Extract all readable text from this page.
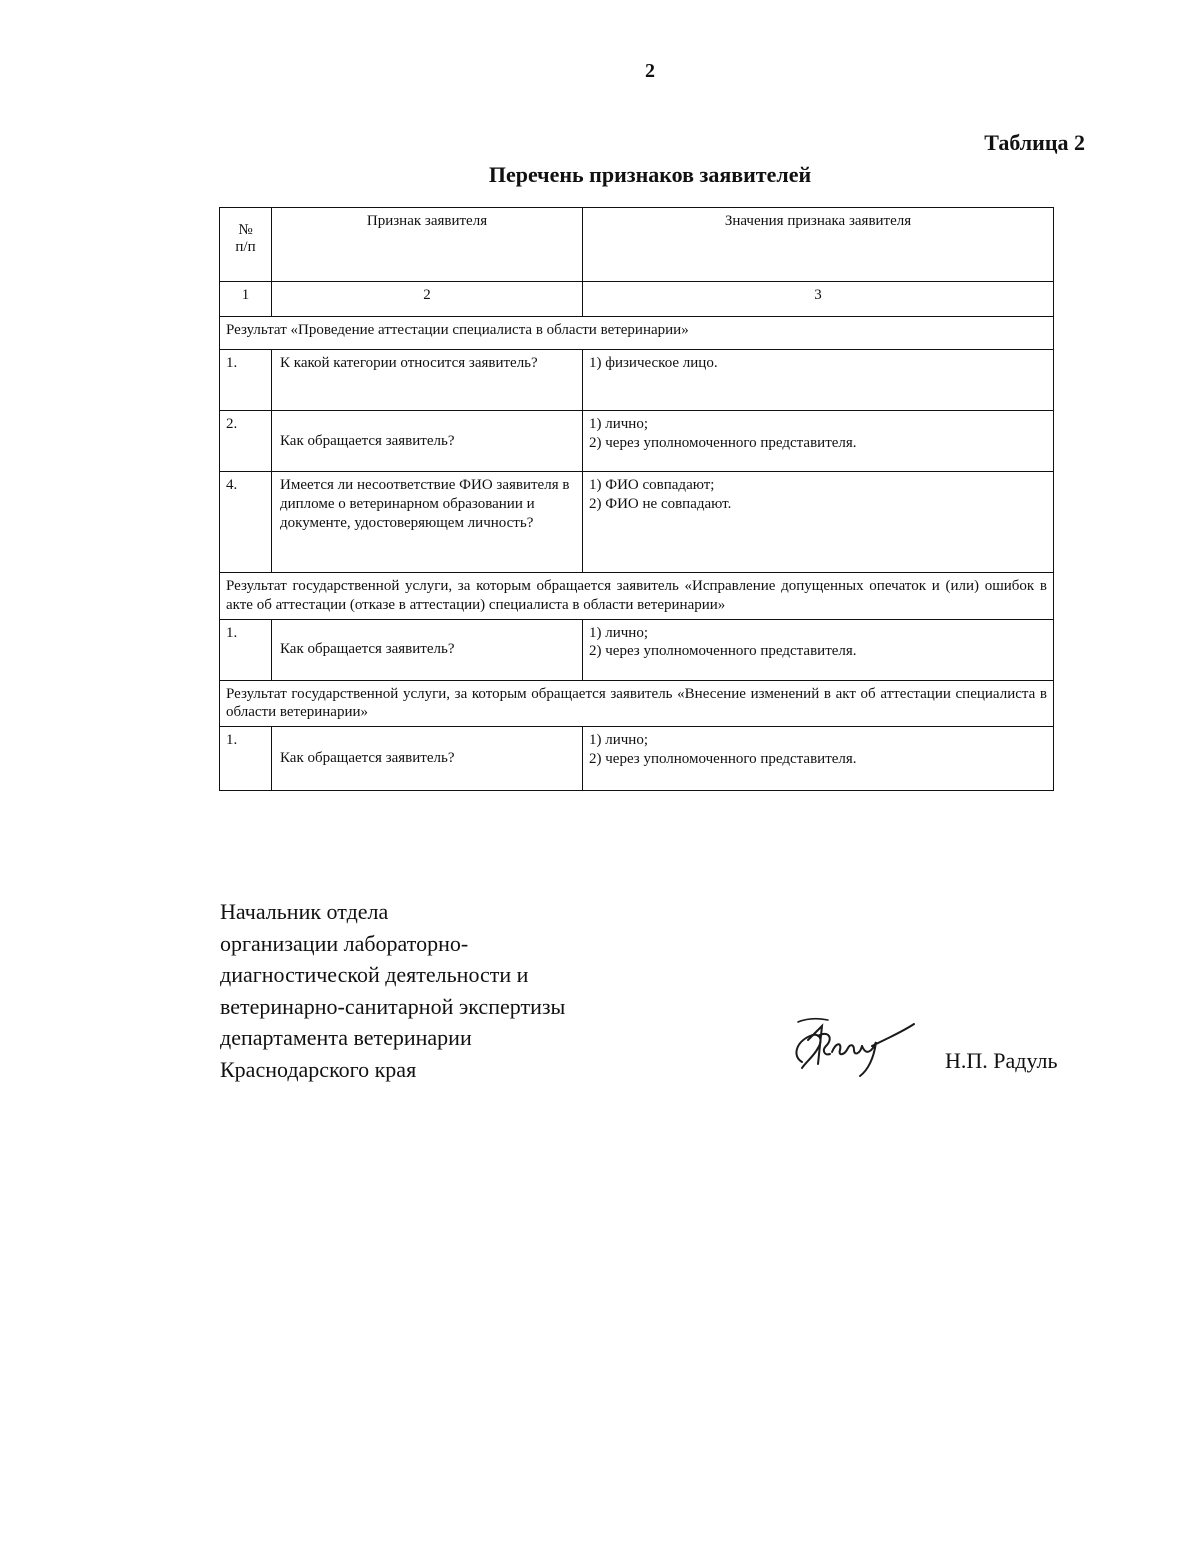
2
Таблица 2
Перечень признаков заявителей
№
п/п	Признак заявителя	Значения признака заявителя
1	2	3
Результат «Проведение аттестации специалиста в области ветеринарии»		
1.	К какой категории относится заявитель?	1) физическое лицо.

2.	Как обращается заявитель?	1) лично;
2) через уполномоченного представителя.

4.	Имеется ли несоответствие ФИО заявителя в дипломе о ветеринарном образовании и документе, удостоверяющем личность?	1) ФИО совпадают;
2) ФИО не совпадают.

Результат государственной услуги, за которым обращается заявитель «Исправление допущенных опечаток и (или) ошибок в акте об аттестации (отказе в аттестации) специалиста в области ветеринарии»		
1.	Как обращается заявитель?	1) лично;
2) через уполномоченного представителя.

Результат государственной услуги, за которым обращается заявитель «Внесение изменений в акт об аттестации специалиста в области ветеринарии»		
1.	Как обращается заявитель?	1) лично;
2) через уполномоченного представителя.
Начальник отдела
организации лабораторно-
диагностической деятельности и
ветеринарно-санитарной экспертизы
департамента ветеринарии
Краснодарского края	Н.П. Радуль
